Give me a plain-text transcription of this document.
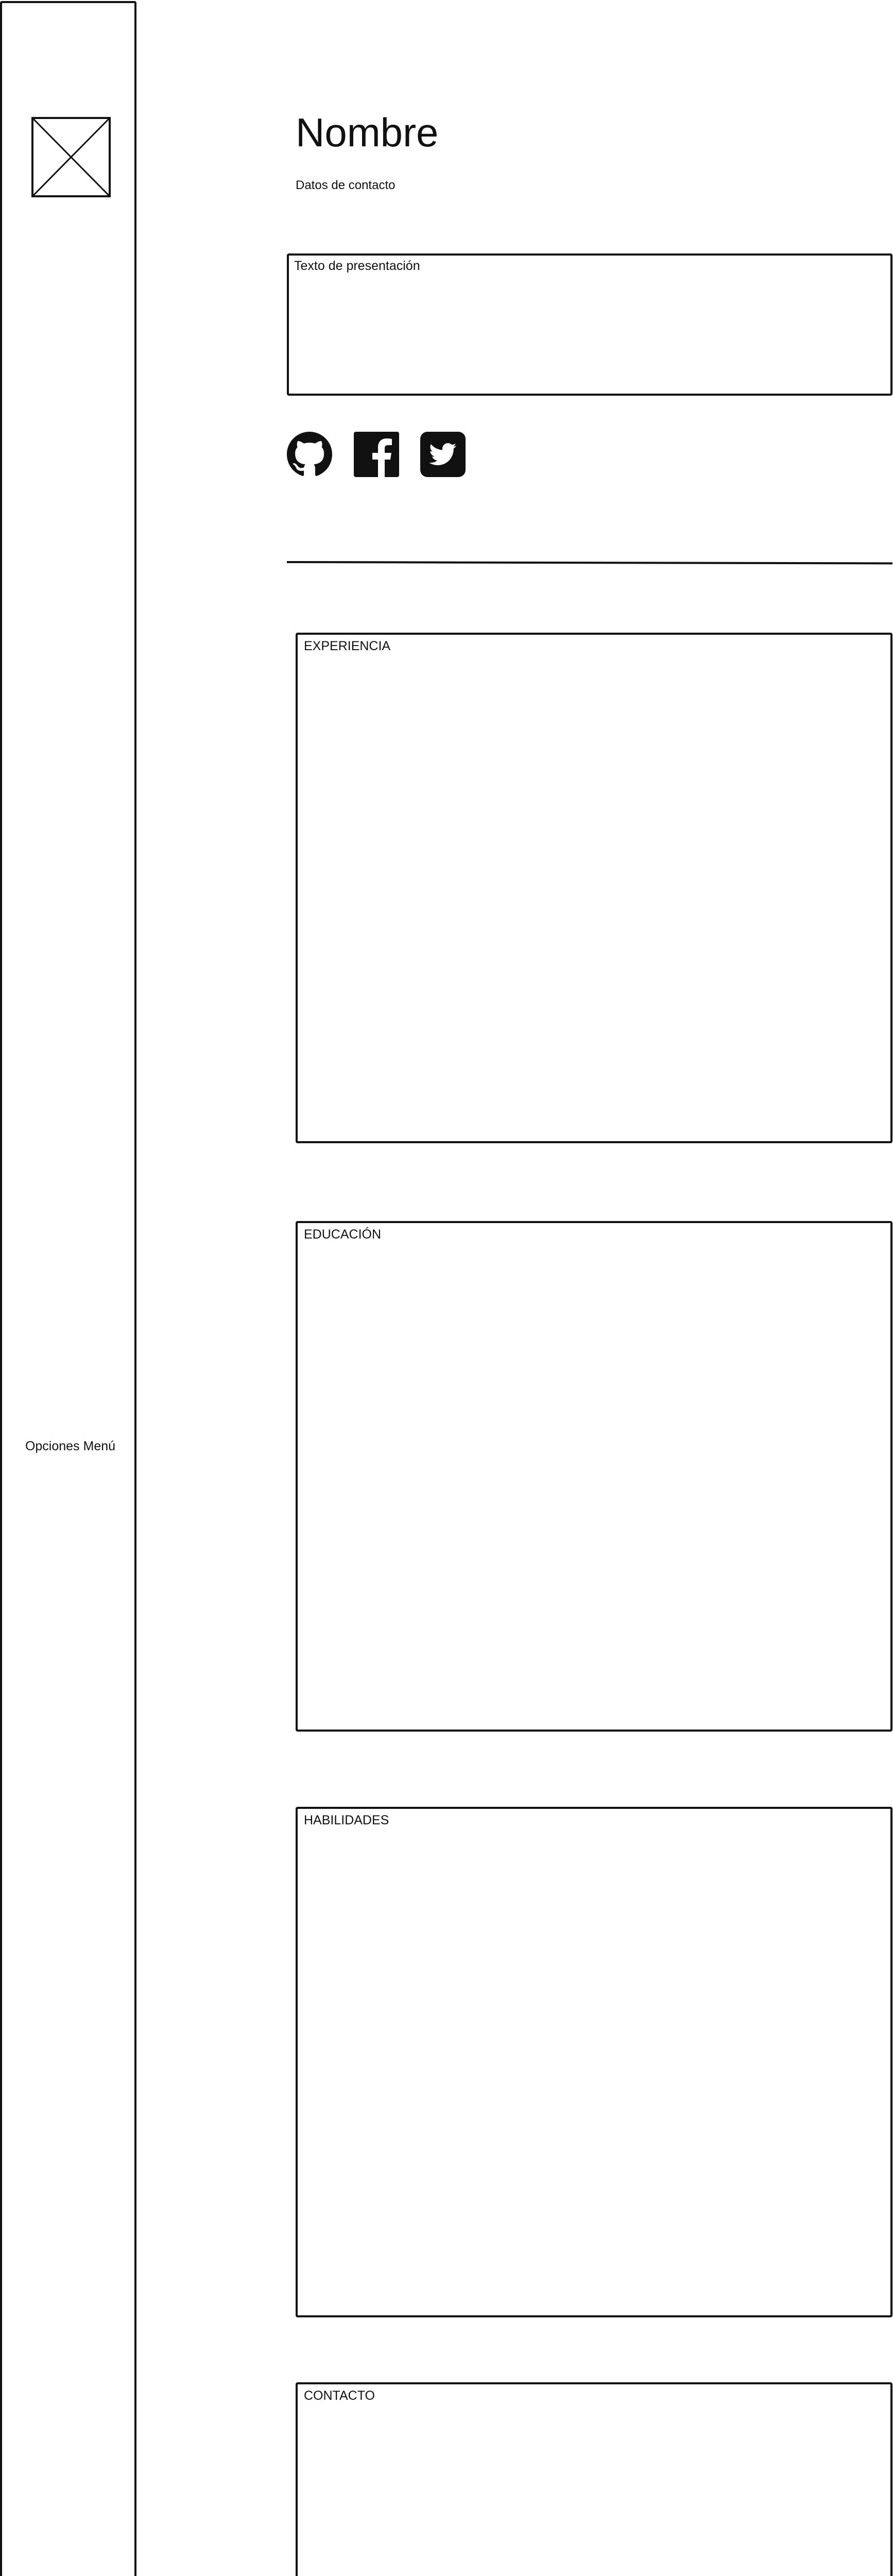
Opciones Menú
Nombre
Datos de contacto
Texto de presentación
EXPERIENCIA
EDUCACIÓN
HABILIDADES
CONTACTO
